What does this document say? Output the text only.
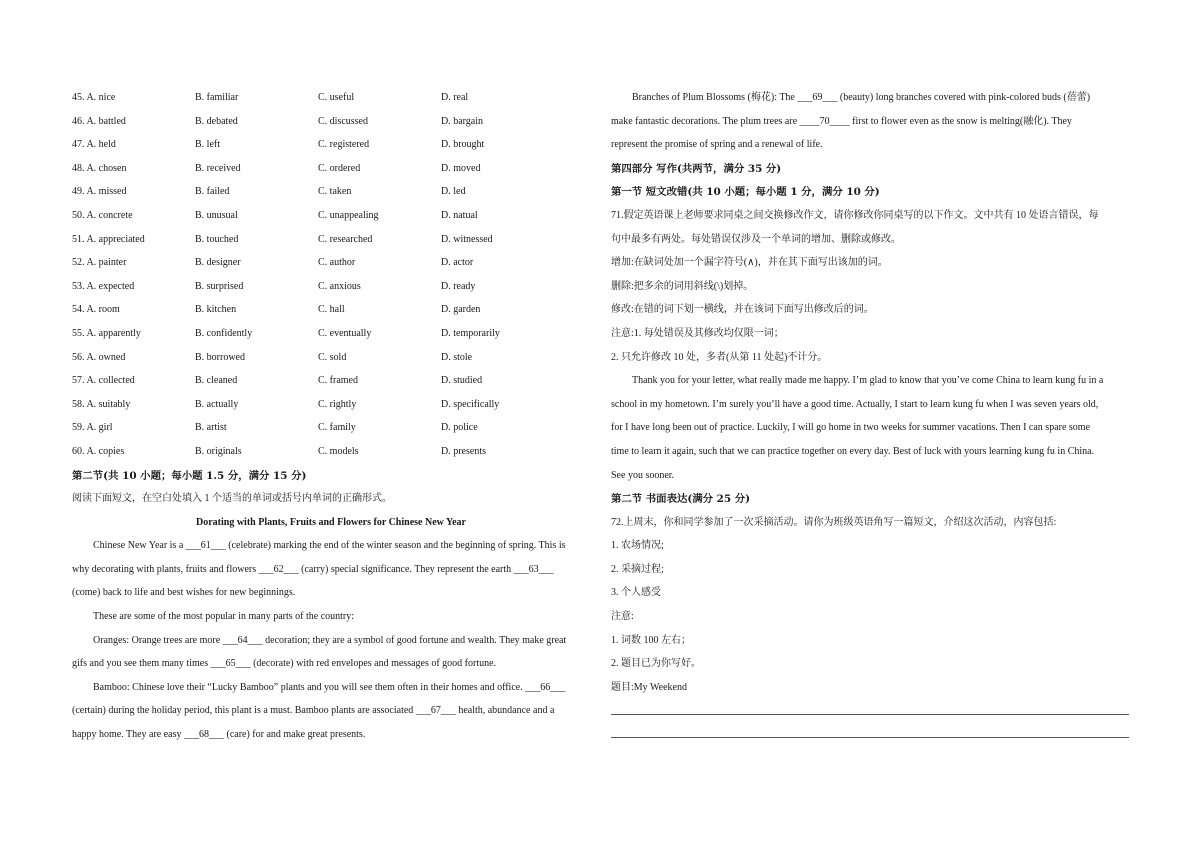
45. A. nice	B. familiar	C. useful	D. real
46. A. battled	B. debated	C. discussed	D. bargain
47. A. held	B. left	C. registered	D. brought
48. A. chosen	B. received	C. ordered	D. moved
49. A. missed	B. failed	C. taken	D. led
50. A. concrete	B. unusual	C. unappealing	D. natual
51. A. appreciated	B. touched	C. researched	D. witnessed
52. A. painter	B. designer	C. author	D. actor
53. A. expected	B. surprised	C. anxious	D. ready
54. A. room	B. kitchen	C. hall	D. garden
55. A. apparently	B. confidently	C. eventually	D. temporarily
56. A. owned	B. borrowed	C. sold	D. stole
57. A. collected	B. cleaned	C. framed	D. studied
58. A. suitably	B. actually	C. rightly	D. specifically
59. A. girl	B. artist	C. family	D. police
60. A. copies	B. originals	C. models	D. presents
第二节(共 10 小题；每小题 1.5 分，满分 15 分)
阅读下面短文，在空白处填入 1 个适当的单词或括号内单词的正确形式。
Dorating with Plants, Fruits and Flowers for Chinese New Year
Chinese New Year is a ___61___ (celebrate) marking the end of the winter season and the beginning of spring. This is
why decorating with plants, fruits and flowers ___62___ (carry) special significance. They represent the earth ___63___
(come) back to life and best wishes for new beginnings.
These are some of the most popular in many parts of the country:
Oranges: Orange trees are more ___64___ decoration; they are a symbol of good fortune and wealth. They make great
gifs and you see them many times ___65___ (decorate) with red envelopes and messages of good fortune.
Bamboo: Chinese love their “Lucky Bamboo” plants and you will see them often in their homes and office. ___66___
(certain) during the holiday period, this plant is a must. Bamboo plants are associated ___67___ health, abundance and a
happy home. They are easy ___68___ (care) for and make great presents.
Branches of Plum Blossoms (梅花): The ___69___ (beauty) long branches covered with pink-colored buds (蓓蕾)
make fantastic decorations. The plum trees are ____70____ first to flower even as the snow is melting(融化). They
represent the promise of spring and a renewal of life.
第四部分 写作(共两节，满分 35 分)
第一节 短文改错(共 10 小题；每小题 1 分，满分 10 分)
71.假定英语课上老师要求同桌之间交换修改作文，请你修改你同桌写的以下作文。文中共有 10 处语言错误，每
句中最多有两处。每处错误仅涉及一个单词的增加、删除或修改。
增加:在缺词处加一个漏字符号(∧)，并在其下面写出该加的词。
删除:把多余的词用斜线(\)划掉。
修改:在错的词下划一横线，并在该词下面写出修改后的词。
注意:1. 每处错误及其修改均仅限一词；
2. 只允许修改 10 处，多者(从第 11 处起)不计分。
Thank you for your letter, what really made me happy. I’m glad to know that you’ve come China to learn kung fu in a
school in my hometown. I’m surely you’ll have a good time. Actually, I start to learn kung fu when I was seven years old,
for I have long been out of practice. Luckily, I will go home in two weeks for summer vacations. Then I can spare some
time to learn it again, such that we can practice together on every day. Best of luck with yours learning kung fu in China.
See you sooner.
第二节 书面表达(满分 25 分)
72.上周末，你和同学参加了一次采摘活动。请你为班级英语角写一篇短文，介绍这次活动，内容包括:
1. 农场情况;
2. 采摘过程;
3. 个人感受
注意:
1. 词数 100 左右；
2. 题目已为你写好。
题目:My Weekend
